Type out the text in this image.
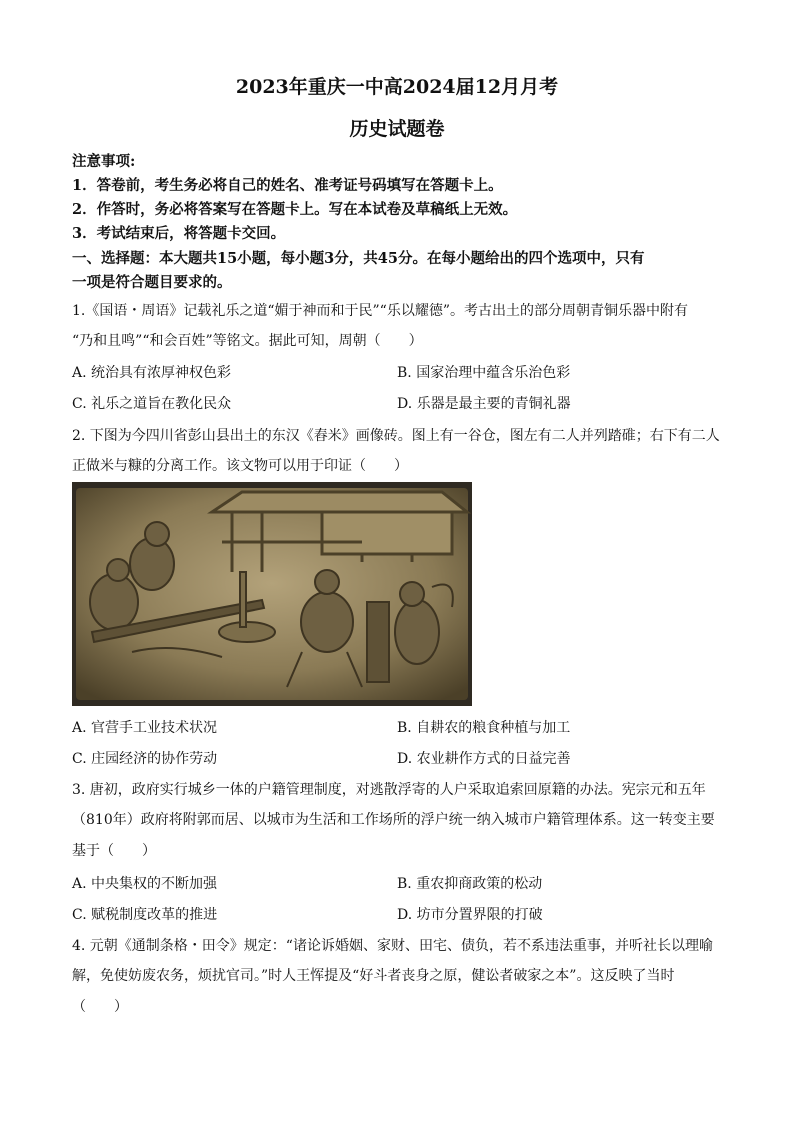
2023年重庆一中高2024届12月月考
历史试题卷
注意事项:
1．答卷前，考生务必将自己的姓名、准考证号码填写在答题卡上。
2．作答时，务必将答案写在答题卡上。写在本试卷及草稿纸上无效。
3．考试结束后，将答题卡交回。
一、选择题：本大题共15小题，每小题3分，共45分。在每小题给出的四个选项中，只有
一项是符合题目要求的。
1.《国语・周语》记载礼乐之道“媚于神而和于民”“乐以耀德”。考古出土的部分周朝青铜乐器中附有
“乃和且鸣”“和会百姓”等铭文。据此可知，周朝（　　）
A. 统治具有浓厚神权色彩	B. 国家治理中蕴含乐治色彩
C. 礼乐之道旨在教化民众	D. 乐器是最主要的青铜礼器
2. 下图为今四川省彭山县出土的东汉《舂米》画像砖。图上有一谷仓，图左有二人并列踏碓；右下有二人
正做米与糠的分离工作。该文物可以用于印证（　　）
A. 官营手工业技术状况	B. 自耕农的粮食种植与加工
C. 庄园经济的协作劳动	D. 农业耕作方式的日益完善
3. 唐初，政府实行城乡一体的户籍管理制度，对逃散浮寄的人户采取追索回原籍的办法。宪宗元和五年
（810年）政府将附郭而居、以城市为生活和工作场所的浮户统一纳入城市户籍管理体系。这一转变主要
基于（　　）
A. 中央集权的不断加强	B. 重农抑商政策的松动
C. 赋税制度改革的推进	D. 坊市分置界限的打破
4. 元朝《通制条格・田令》规定：“诸论诉婚姻、家财、田宅、债负，若不系违法重事，并听社长以理喻
解，免使妨废农务，烦扰官司。”时人王恽提及“好斗者丧身之原，健讼者破家之本”。这反映了当时
（　　）
